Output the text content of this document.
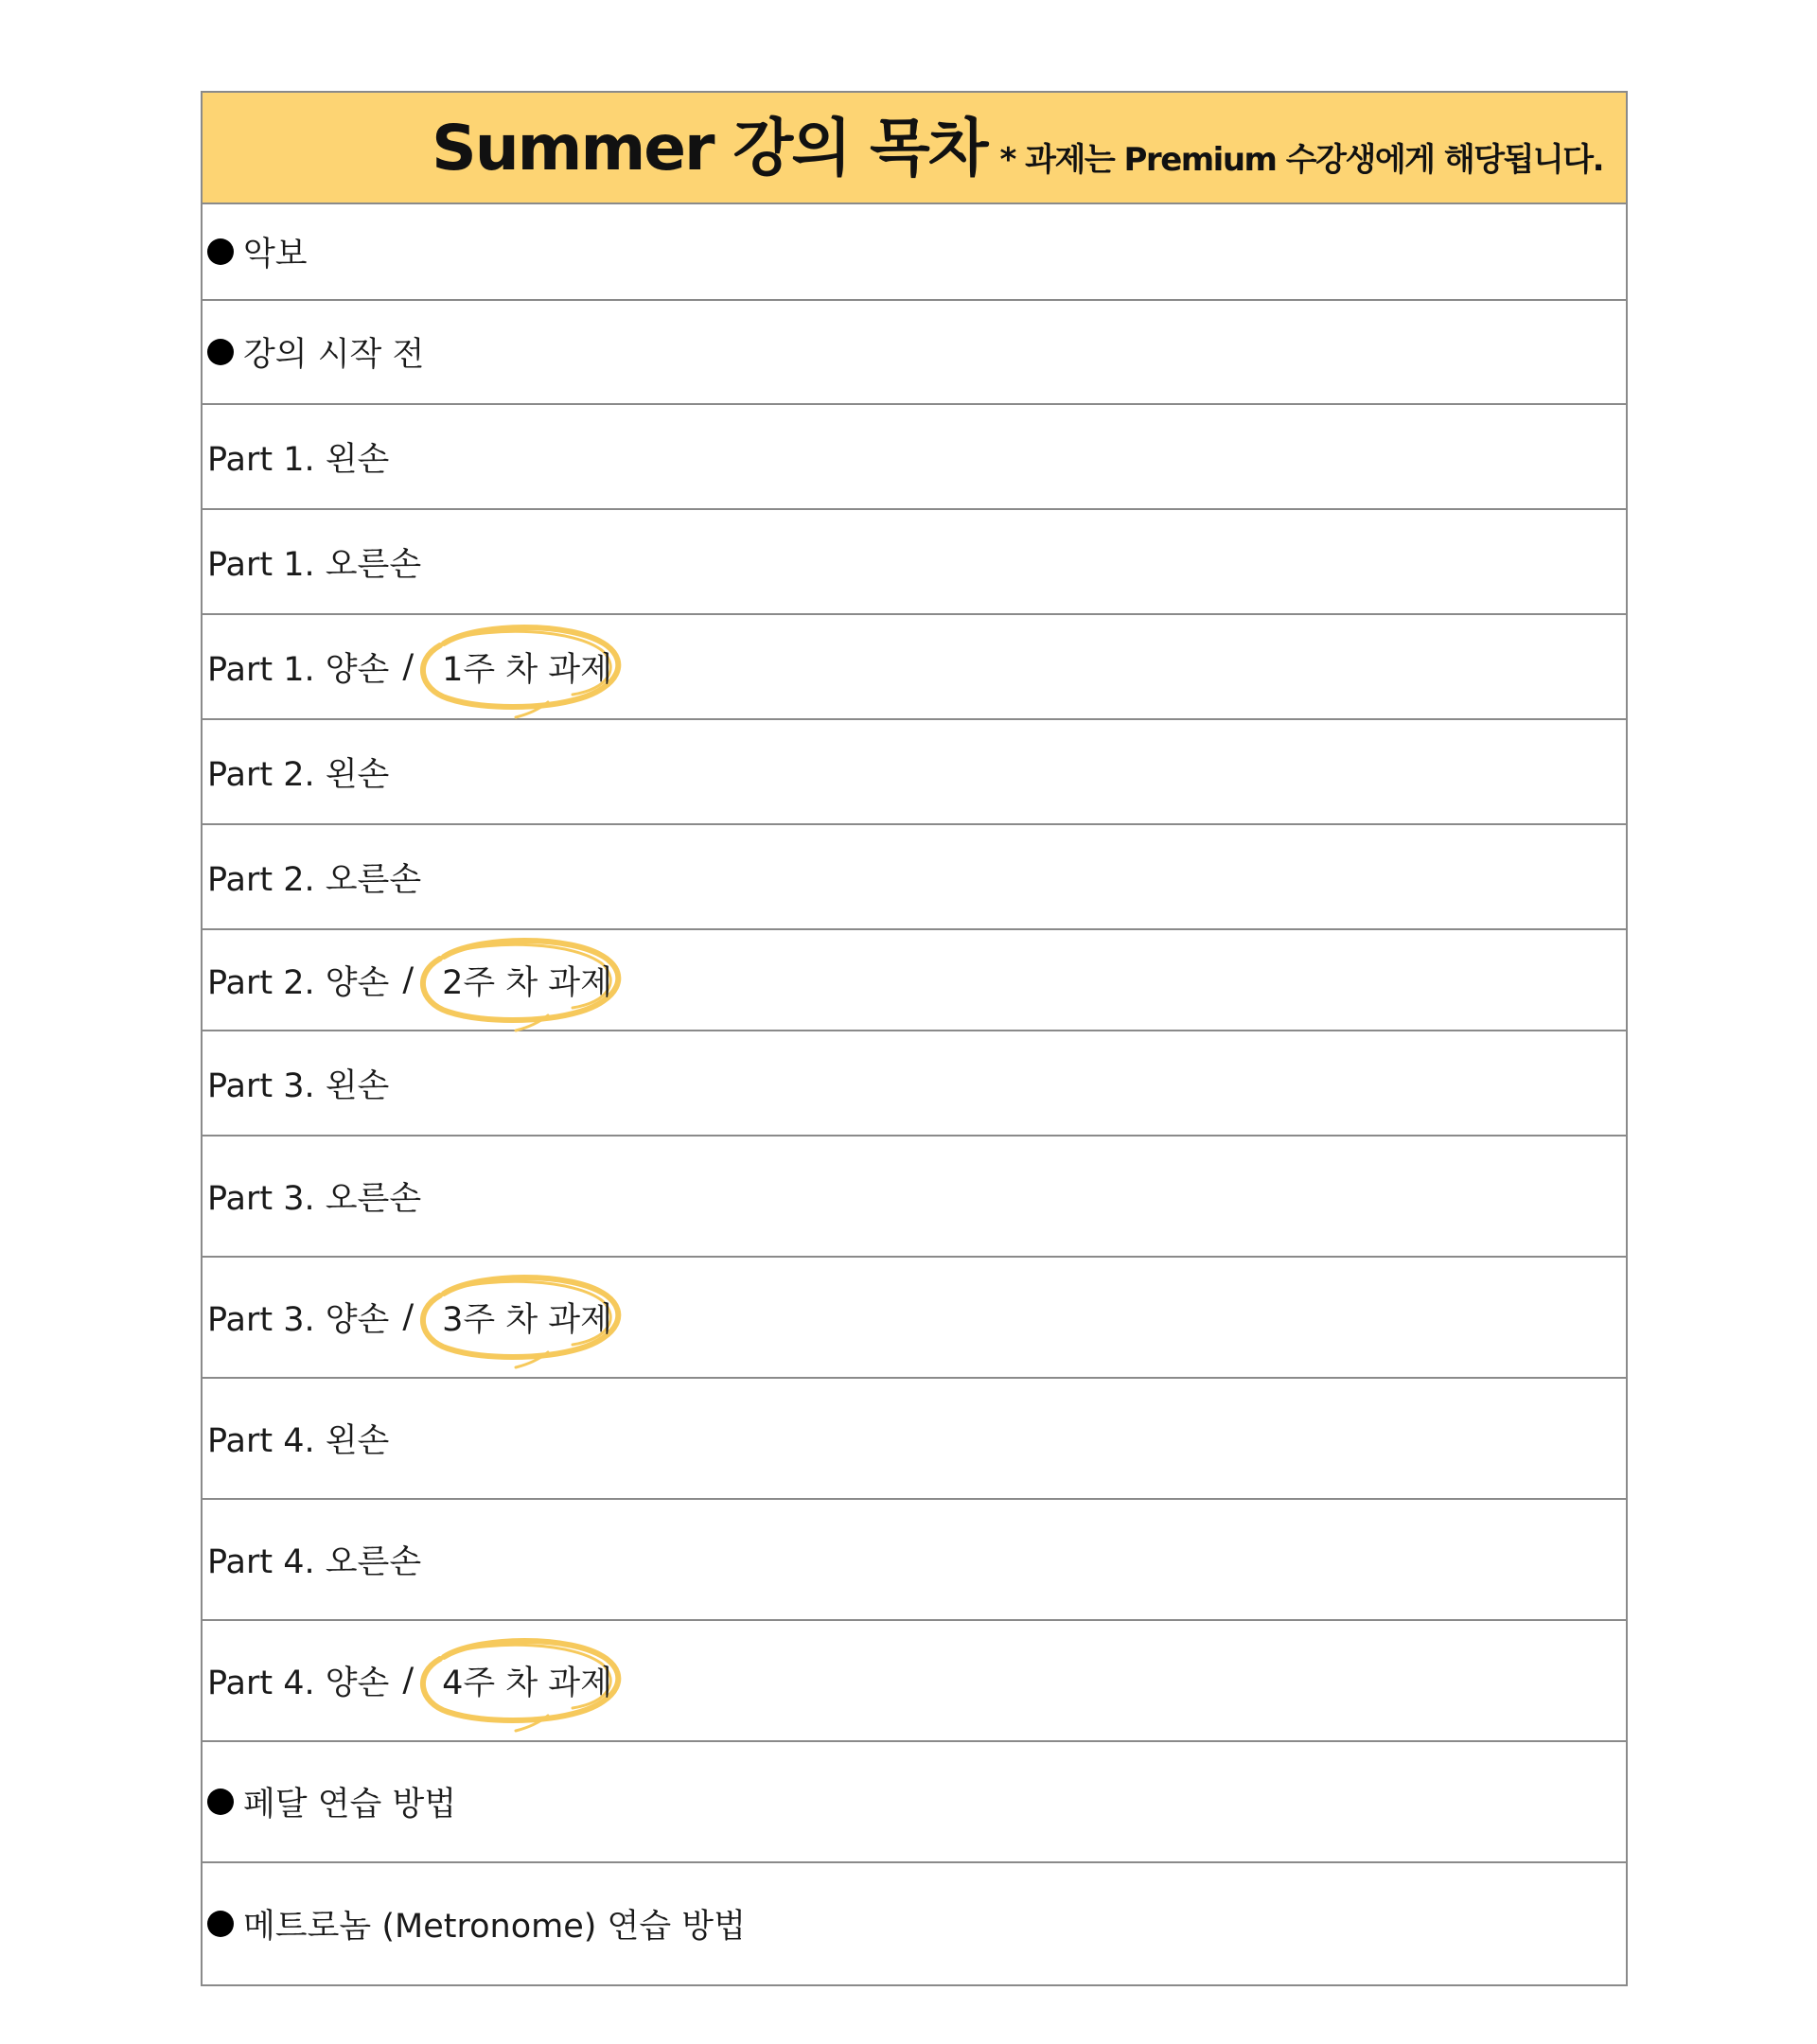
Summer 강의 목차 * 과제는 Premium 수강생에게 해당됩니다.
악보
강의 시작 전
Part 1. 왼손
Part 1. 오른손
Part 1. 양손 / 1주 차 과제
Part 2. 왼손
Part 2. 오른손
Part 2. 양손 / 2주 차 과제
Part 3. 왼손
Part 3. 오른손
Part 3. 양손 / 3주 차 과제
Part 4. 왼손
Part 4. 오른손
Part 4. 양손 / 4주 차 과제
페달 연습 방법
메트로놈 (Metronome) 연습 방법
